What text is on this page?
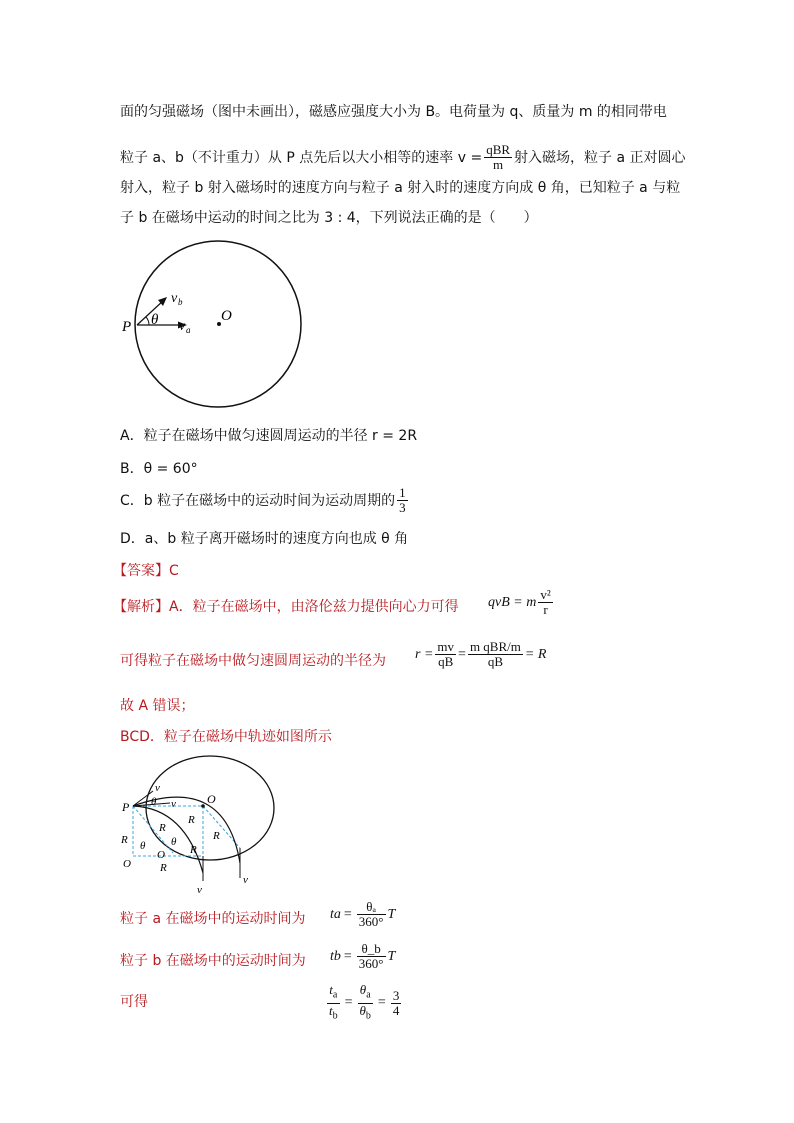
面的匀强磁场（图中未画出），磁感应强度大小为 B。电荷量为 q、质量为 m 的相同带电
粒子 a、b（不计重力）从 P 点先后以大小相等的速率 $v = \frac{\text{qBR}}{m}$ 射入磁场，粒子 a 正对圆心
射入，粒子 b 射入磁场时的速度方向与粒子 a 射入时的速度方向成 θ 角，已知粒子 a 与粒
子 b 在磁场中运动的时间之比为 3 : 4，下列说法正确的是（　　）
P
O
θ
v b
v a
A．粒子在磁场中做匀速圆周运动的半径 r = 2R
B．θ = 60°
C．b 粒子在磁场中的运动时间为运动周期的 $\frac{1}{3}$
D．a、b 粒子离开磁场时的速度方向也成 θ 角
【答案】C
【解析】A．粒子在磁场中，由洛伦兹力提供向心力可得 qvB = m $\frac{\text{v²}}{r}$
可得粒子在磁场中做匀速圆周运动的半径为 $r = \frac{mv}{qB} = \frac{\text{m qBR/m}}{qB} = R$
故 A 错误；
BCD．粒子在磁场中轨迹如图所示
P
O
θ
v
v
R
R
R
R
R
R
θ θ
O
O
v
v
粒子 a 在磁场中的运动时间为 t $a = \frac{\text{θₐ}}{360^\circ}$ T
粒子 b 在磁场中的运动时间为 t $b = \frac{\theta\_b}{360^\circ}$ T
可得	$\frac{t_a}{t_b} = \frac{\theta_a}{\theta_b} = \frac{3}{4}$
